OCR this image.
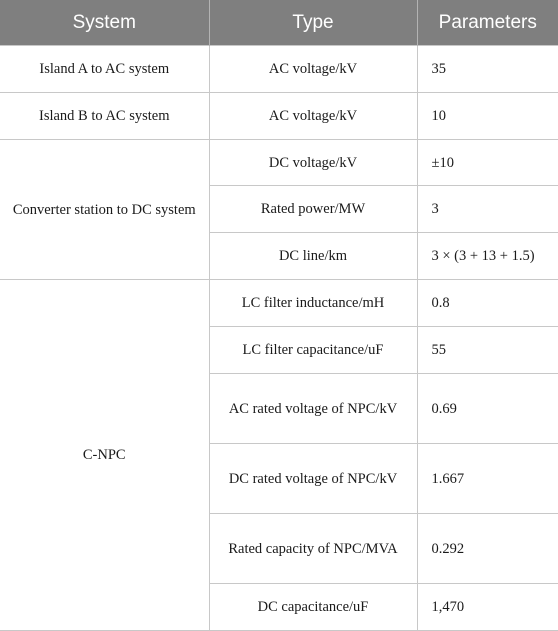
System	Type	Parameters
Island A to AC system	AC voltage/kV	35
Island B to AC system	AC voltage/kV	10
Converter station to DC system	DC voltage/kV	±10
	Rated power/MW	3
	DC line/km	3 × (3 + 13 + 1.5)
C-NPC	LC filter inductance/mH	0.8
	LC filter capacitance/uF	55
	AC rated voltage of NPC/kV	0.69
	DC rated voltage of NPC/kV	1.667
	Rated capacity of NPC/MVA	0.292
	DC capacitance/uF	1,470
